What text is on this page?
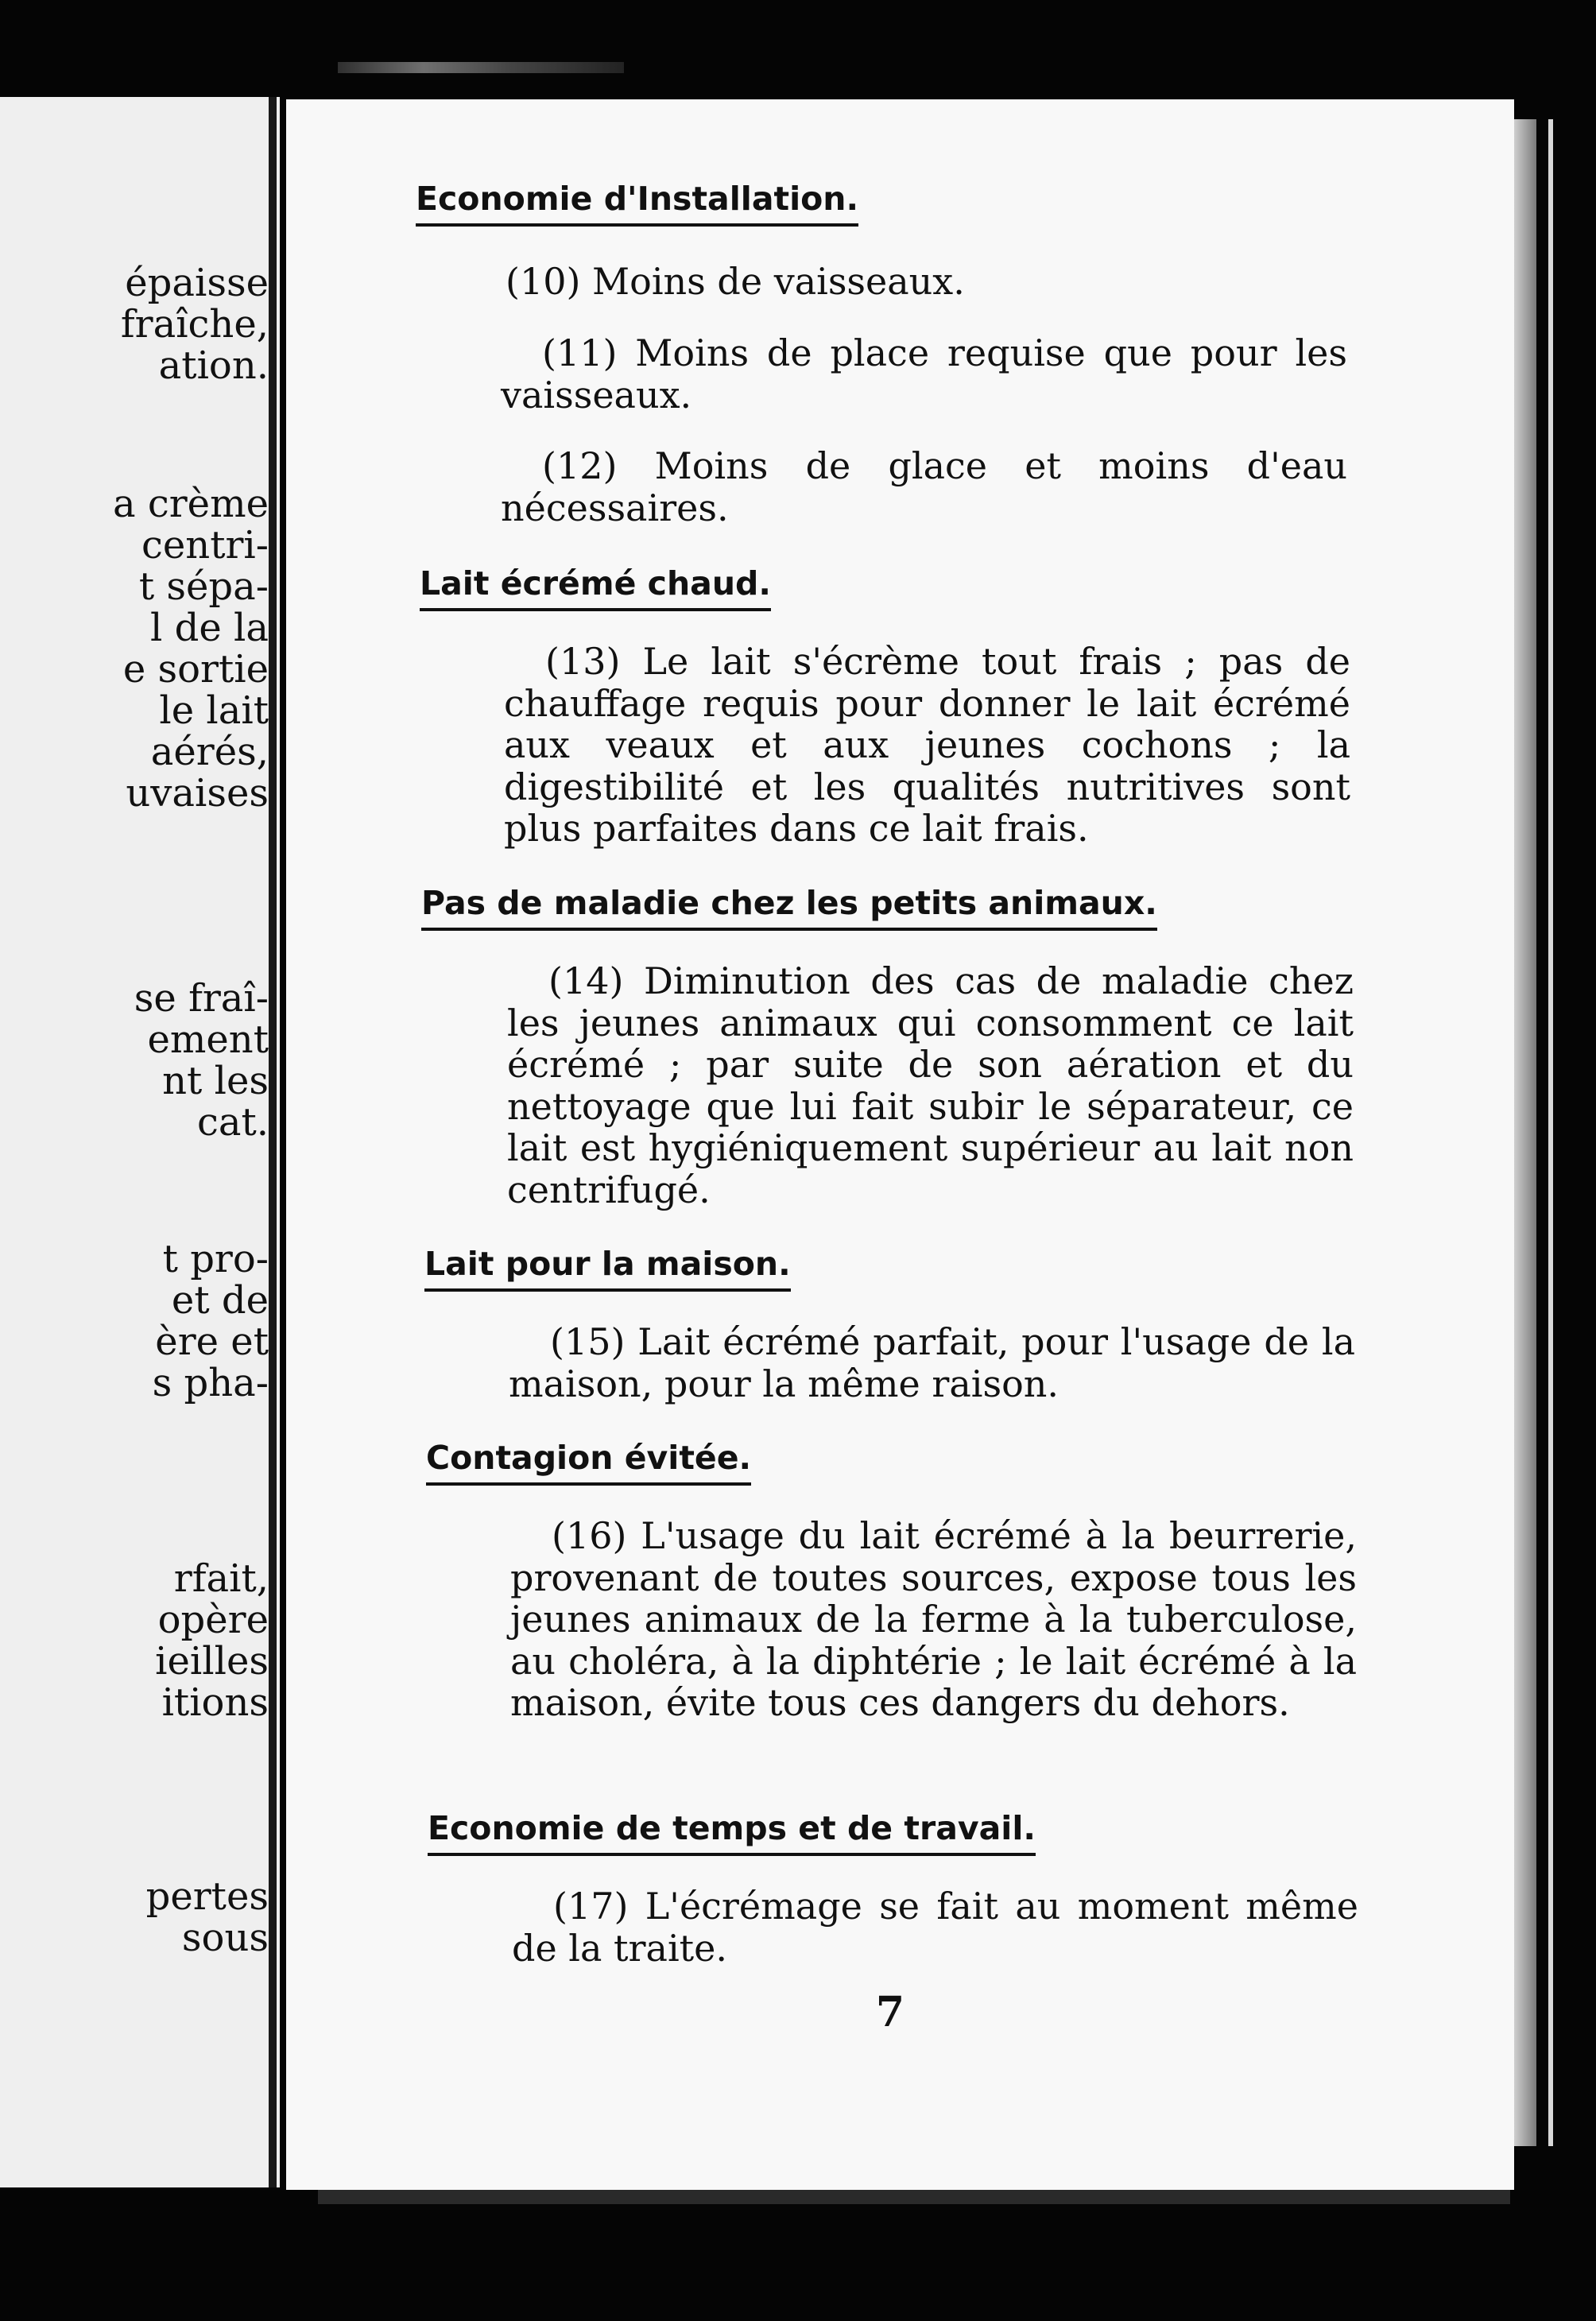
épaisse

fraîche,

ation.

a crème

centri-

t sépa-

l de la

e sortie

le lait

aérés,

uvaises

se fraî-

ement

nt les

cat.

t pro-

et de

ère et

s pha-

rfait,

opère

ieilles

itions

pertes

sous

Economie d'Installation.

(10) Moins de vaisseaux.

(11) Moins de place requise que pour les vaisseaux.

(12) Moins de glace et moins d'eau nécessaires.

Lait écrémé chaud.

(13) Le lait s'écrème tout frais ; pas de chauffage requis pour donner le lait écrémé aux veaux et aux jeunes cochons ; la digestibilité et les qualités nutritives sont plus parfaites dans ce lait frais.

Pas de maladie chez les petits animaux.

(14) Diminution des cas de maladie chez les jeunes animaux qui consomment ce lait écrémé ; par suite de son aération et du nettoyage que lui fait subir le séparateur, ce lait est hygiéniquement supérieur au lait non centrifugé.

Lait pour la maison.

(15) Lait écrémé parfait, pour l'usage de la maison, pour la même raison.

Contagion évitée.

(16) L'usage du lait écrémé à la beurrerie, provenant de toutes sources, expose tous les jeunes animaux de la ferme à la tuberculose, au choléra, à la diphtérie ; le lait écrémé à la maison, évite tous ces dangers du dehors.

Economie de temps et de travail.

(17) L'écrémage se fait au moment même de la traite.

7
